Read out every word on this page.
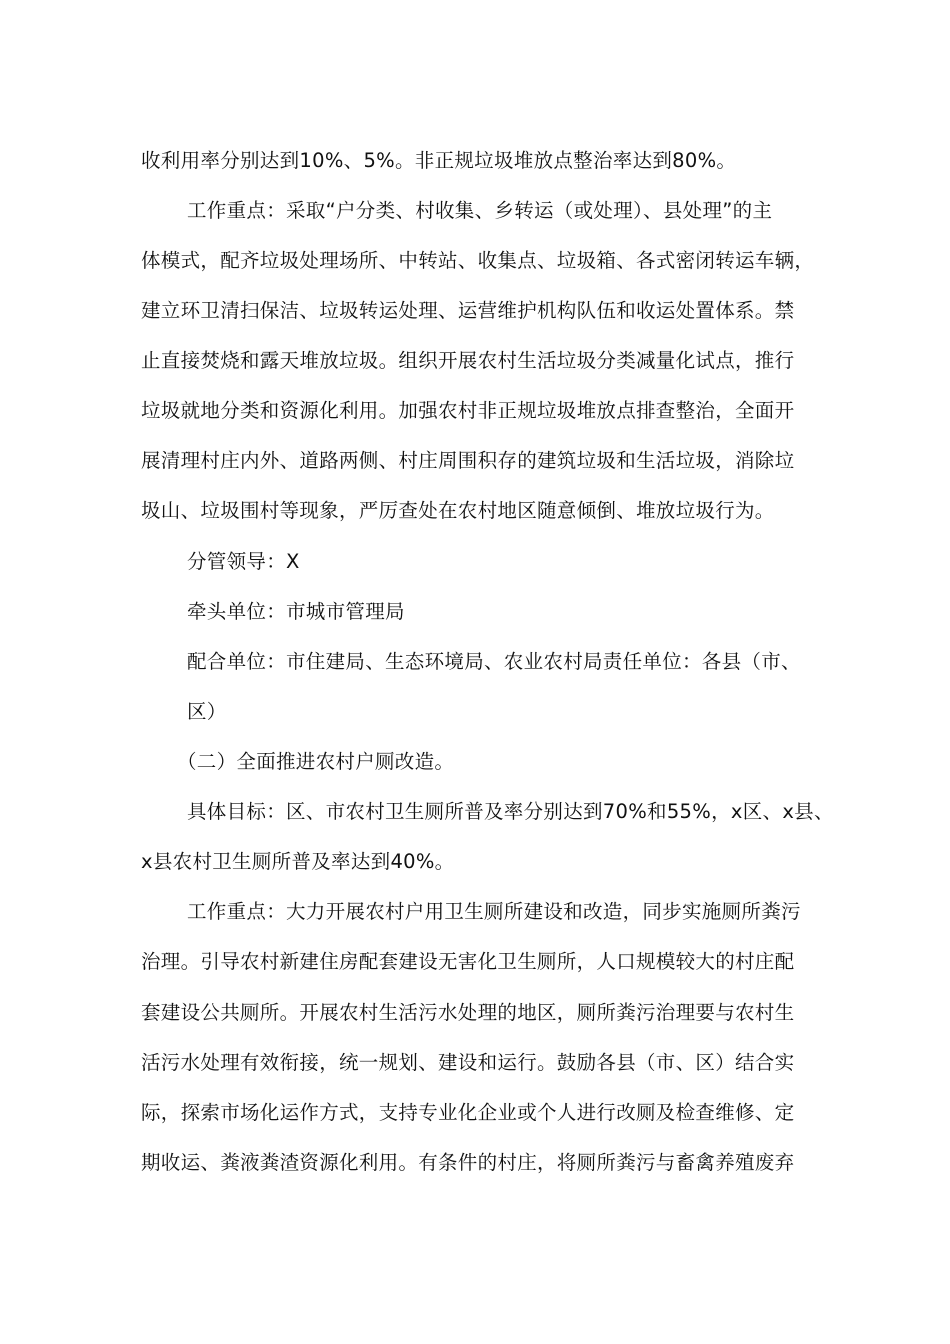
收利用率分别达到10%、5%。非正规垃圾堆放点整治率达到80%。
工作重点：采取“户分类、村收集、乡转运（或处理）、县处理”的主
体模式，配齐垃圾处理场所、中转站、收集点、垃圾箱、各式密闭转运车辆，
建立环卫清扫保洁、垃圾转运处理、运营维护机构队伍和收运处置体系。禁
止直接焚烧和露天堆放垃圾。组织开展农村生活垃圾分类减量化试点，推行
垃圾就地分类和资源化利用。加强农村非正规垃圾堆放点排查整治，全面开
展清理村庄内外、道路两侧、村庄周围积存的建筑垃圾和生活垃圾，消除垃
圾山、垃圾围村等现象，严厉查处在农村地区随意倾倒、堆放垃圾行为。
分管领导：X
牵头单位：市城市管理局
配合单位：市住建局、生态环境局、农业农村局责任单位：各县（市、
区）
（二）全面推进农村户厕改造。
具体目标：区、市农村卫生厕所普及率分别达到70%和55%，x区、x县、
x县农村卫生厕所普及率达到40%。
工作重点：大力开展农村户用卫生厕所建设和改造，同步实施厕所粪污
治理。引导农村新建住房配套建设无害化卫生厕所，人口规模较大的村庄配
套建设公共厕所。开展农村生活污水处理的地区，厕所粪污治理要与农村生
活污水处理有效衔接，统一规划、建设和运行。鼓励各县（市、区）结合实
际，探索市场化运作方式，支持专业化企业或个人进行改厕及检查维修、定
期收运、粪液粪渣资源化利用。有条件的村庄，将厕所粪污与畜禽养殖废弃
